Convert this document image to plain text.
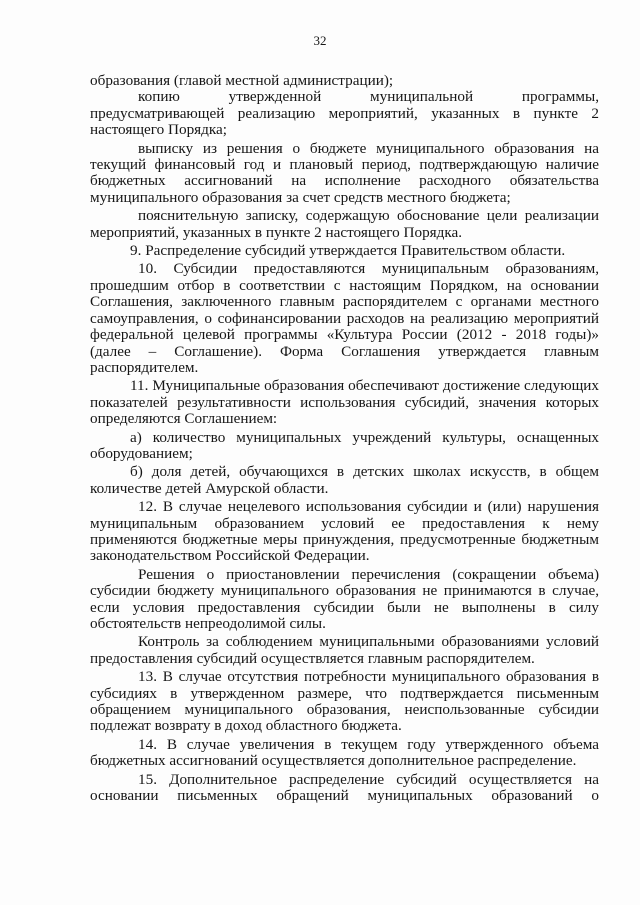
32

образования (главой местной администрации);

копию утвержденной муниципальной программы, предусматривающей реализацию мероприятий, указанных в пункте 2 настоящего Порядка;

выписку из решения о бюджете муниципального образования на текущий финансовый год и плановый период, подтверждающую наличие бюджетных ассигнований на исполнение расходного обязательства муниципального образования за счет средств местного бюджета;

пояснительную записку, содержащую обоснование цели реализации мероприятий, указанных в пункте 2 настоящего Порядка.

9. Распределение субсидий утверждается Правительством области.

10. Субсидии предоставляются муниципальным образованиям, прошедшим отбор в соответствии с настоящим Порядком, на основании Соглашения, заключенного главным распорядителем с органами местного самоуправления, о софинансировании расходов на реализацию мероприятий федеральной целевой программы «Культура России (2012 - 2018 годы)» (далее – Соглашение). Форма Соглашения утверждается главным распорядителем.

11. Муниципальные образования обеспечивают достижение следующих показателей результативности использования субсидий, значения которых определяются Соглашением:

а) количество муниципальных учреждений культуры, оснащенных оборудованием;

б) доля детей, обучающихся в детских школах искусств, в общем количестве детей Амурской области.

12. В случае нецелевого использования субсидии и (или) нарушения муниципальным образованием условий ее предоставления к нему применяются бюджетные меры принуждения, предусмотренные бюджетным законодательством Российской Федерации.

Решения о приостановлении перечисления (сокращении объема) субсидии бюджету муниципального образования не принимаются в случае, если условия предоставления субсидии были не выполнены в силу обстоятельств непреодолимой силы.

Контроль за соблюдением муниципальными образованиями условий предоставления субсидий осуществляется главным распорядителем.

13. В случае отсутствия потребности муниципального образования в субсидиях в утвержденном размере, что подтверждается письменным обращением муниципального образования, неиспользованные субсидии подлежат возврату в доход областного бюджета.

14. В случае увеличения в текущем году утвержденного объема бюджетных ассигнований осуществляется дополнительное распределение.

15. Дополнительное распределение субсидий осуществляется на основании письменных обращений муниципальных образований о
